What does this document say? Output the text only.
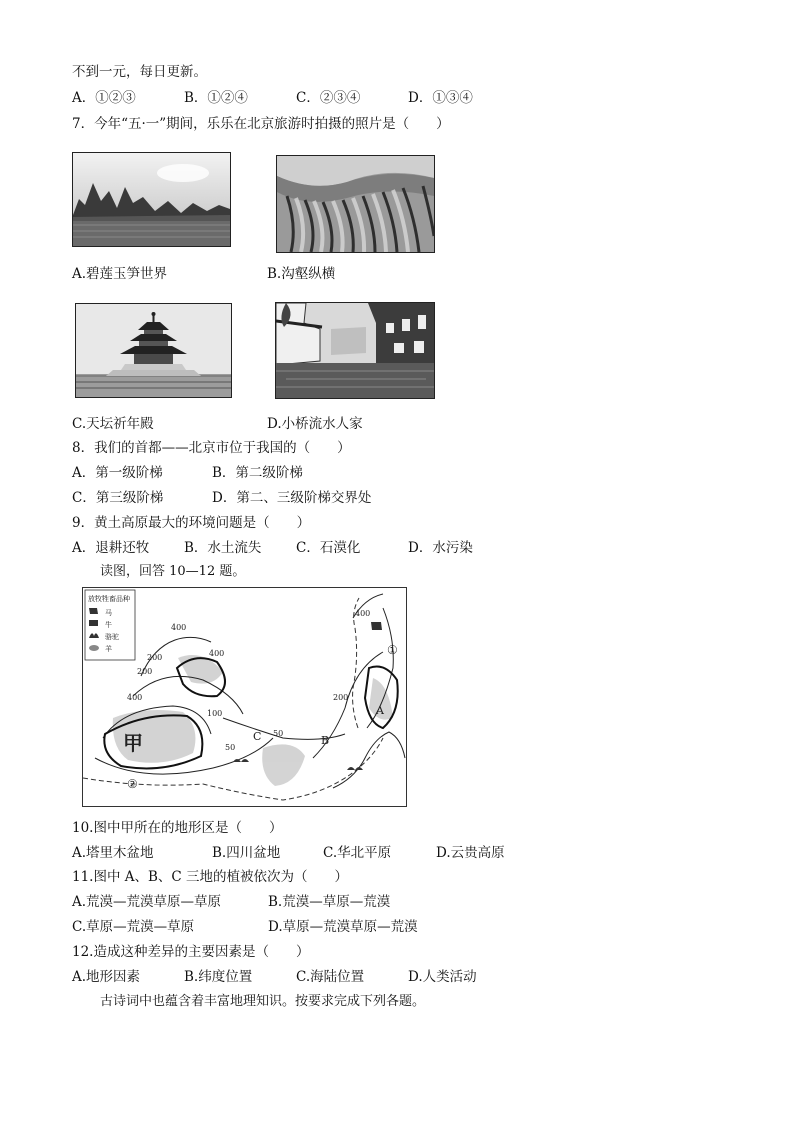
不到一元，每日更新。
A．①②③	B．①②④	C．②③④	D．①③④
7．今年“五·一”期间，乐乐在北京旅游时拍摄的照片是（　　）
A.碧莲玉笋世界	B.沟壑纵横
C.天坛祈年殿	D.小桥流水人家
8．我们的首都——北京市位于我国的（　　）
A．第一级阶梯	B．第二级阶梯
C．第三级阶梯	D．第二、三级阶梯交界处
9．黄土高原最大的环境问题是（　　）
A．退耕还牧	B．水土流失	C．石漠化	D．水污染
读图，回答 10—12 题。
放牧牲畜品种
马
牛
骆驼
羊
甲
A
B
C
①
②
400
200	400
100
50
50
200
400
400
200
10.图中甲所在的地形区是（　　）
A.塔里木盆地	B.四川盆地	C.华北平原	D.云贵高原
11.图中 A、B、C 三地的植被依次为（　　）
A.荒漠—荒漠草原—草原	B.荒漠—草原—荒漠
C.草原—荒漠—草原	D.草原—荒漠草原—荒漠
12.造成这种差异的主要因素是（　　）
A.地形因素	B.纬度位置	C.海陆位置	D.人类活动
古诗词中也蕴含着丰富地理知识。按要求完成下列各题。
